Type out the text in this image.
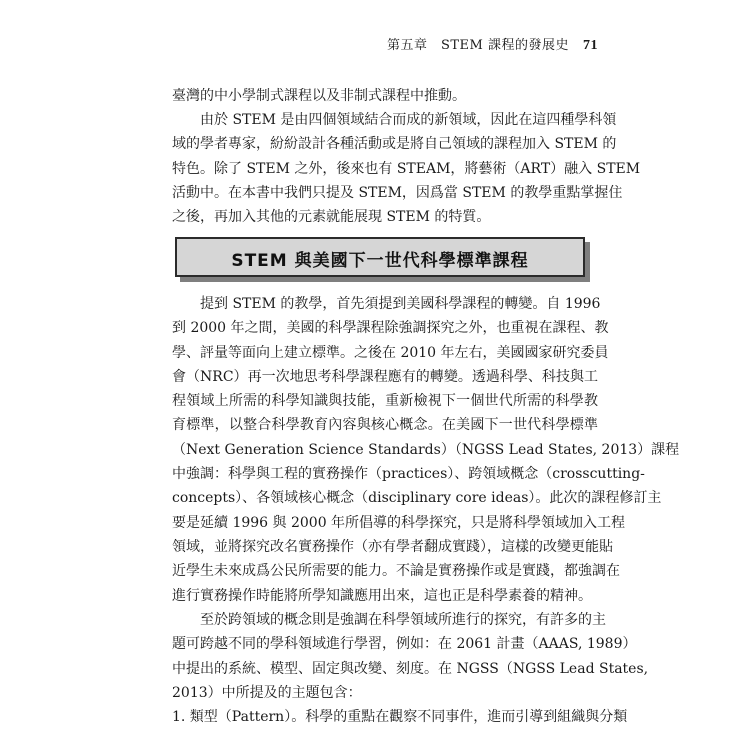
第五章　STEM 課程的發展史 71

臺灣的中小學制式課程以及非制式課程中推動。

由於 STEM 是由四個領域結合而成的新領域，因此在這四種學科領
域的學者專家，紛紛設計各種活動或是將自己領域的課程加入 STEM 的
特色。除了 STEM 之外，後來也有 STEAM，將藝術（ART）融入 STEM
活動中。在本書中我們只提及 STEM，因爲當 STEM 的教學重點掌握住
之後，再加入其他的元素就能展現 STEM 的特質。

STEM 與美國下一世代科學標準課程

提到 STEM 的教學，首先須提到美國科學課程的轉變。自 1996
到 2000 年之間，美國的科學課程除強調探究之外，也重視在課程、教
學、評量等面向上建立標準。之後在 2010 年左右，美國國家研究委員
會（NRC）再一次地思考科學課程應有的轉變。透過科學、科技與工
程領域上所需的科學知識與技能，重新檢視下一個世代所需的科學教
育標準，以整合科學教育內容與核心概念。在美國下一世代科學標準
（Next Generation Science Standards）（NGSS Lead States, 2013）課程
中強調：科學與工程的實務操作（practices）、跨領域概念（crosscutting-
concepts）、各領域核心概念（disciplinary core ideas）。此次的課程修訂主
要是延續 1996 與 2000 年所倡導的科學探究，只是將科學領域加入工程
領域，並將探究改名實務操作（亦有學者翻成實踐），這樣的改變更能貼
近學生未來成爲公民所需要的能力。不論是實務操作或是實踐，都強調在
進行實務操作時能將所學知識應用出來，這也正是科學素養的精神。

至於跨領域的概念則是強調在科學領域所進行的探究，有許多的主
題可跨越不同的學科領域進行學習，例如：在 2061 計畫（AAAS, 1989）
中提出的系統、模型、固定與改變、刻度。在 NGSS（NGSS Lead States,
2013）中所提及的主題包含：
1. 類型（Pattern）。科學的重點在觀察不同事件，進而引導到組織與分類
